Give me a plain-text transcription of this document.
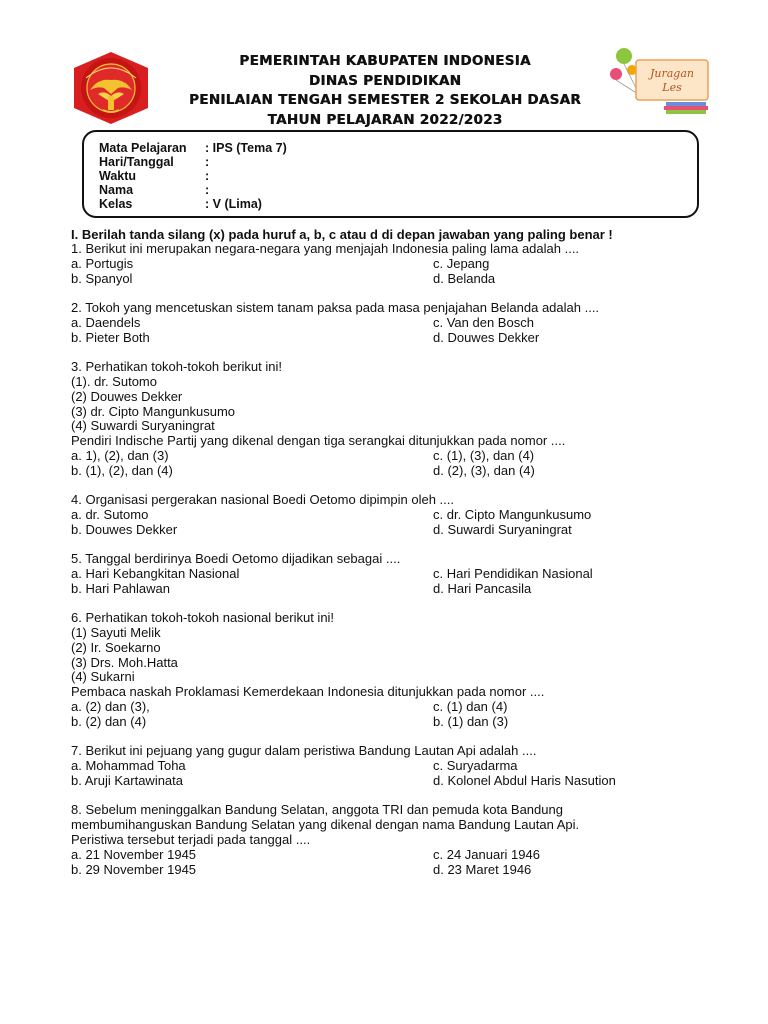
Juragan
Les
PEMERINTAH KABUPATEN INDONESIA
DINAS PENDIDIKAN
PENILAIAN TENGAH SEMESTER 2 SEKOLAH DASAR
TAHUN PELAJARAN 2022/2023
Mata Pelajaran : IPS (Tema 7)
Hari/Tanggal :
Waktu	:
Nama	:
Kelas	: V (Lima)
I. Berilah tanda silang (x) pada huruf a, b, c atau d di depan jawaban yang paling benar !
1. Berikut ini merupakan negara-negara yang menjajah Indonesia paling lama adalah ....
a. Portugis	c. Jepang
b. Spanyol	d. Belanda
2. Tokoh yang mencetuskan sistem tanam paksa pada masa penjajahan Belanda adalah ....
a. Daendels	c. Van den Bosch
b. Pieter Both	d. Douwes Dekker
3. Perhatikan tokoh-tokoh berikut ini!
(1). dr. Sutomo
(2) Douwes Dekker
(3) dr. Cipto Mangunkusumo
(4) Suwardi Suryaningrat
Pendiri Indische Partij yang dikenal dengan tiga serangkai ditunjukkan pada nomor ....
a. 1), (2), dan (3)	c. (1), (3), dan (4)
b. (1), (2), dan (4)	d. (2), (3), dan (4)
4. Organisasi pergerakan nasional Boedi Oetomo dipimpin oleh ....
a. dr. Sutomo	c. dr. Cipto Mangunkusumo
b. Douwes Dekker	d. Suwardi Suryaningrat
5. Tanggal berdirinya Boedi Oetomo dijadikan sebagai ....
a. Hari Kebangkitan Nasional	c. Hari Pendidikan Nasional
b. Hari Pahlawan	d. Hari Pancasila
6. Perhatikan tokoh-tokoh nasional berikut ini!
(1) Sayuti Melik
(2) Ir. Soekarno
(3) Drs. Moh.Hatta
(4) Sukarni
Pembaca naskah Proklamasi Kemerdekaan Indonesia ditunjukkan pada nomor ....
a. (2) dan (3),	c. (1) dan (4)
b. (2) dan (4)	b. (1) dan (3)
7. Berikut ini pejuang yang gugur dalam peristiwa Bandung Lautan Api adalah ....
a. Mohammad Toha	c. Suryadarma
b. Aruji Kartawinata	d. Kolonel Abdul Haris Nasution
8. Sebelum meninggalkan Bandung Selatan, anggota TRI dan pemuda kota Bandung
membumihanguskan Bandung Selatan yang dikenal dengan nama Bandung Lautan Api.
Peristiwa tersebut terjadi pada tanggal ....
a. 21 November 1945	c. 24 Januari 1946
b. 29 November 1945	d. 23 Maret 1946
